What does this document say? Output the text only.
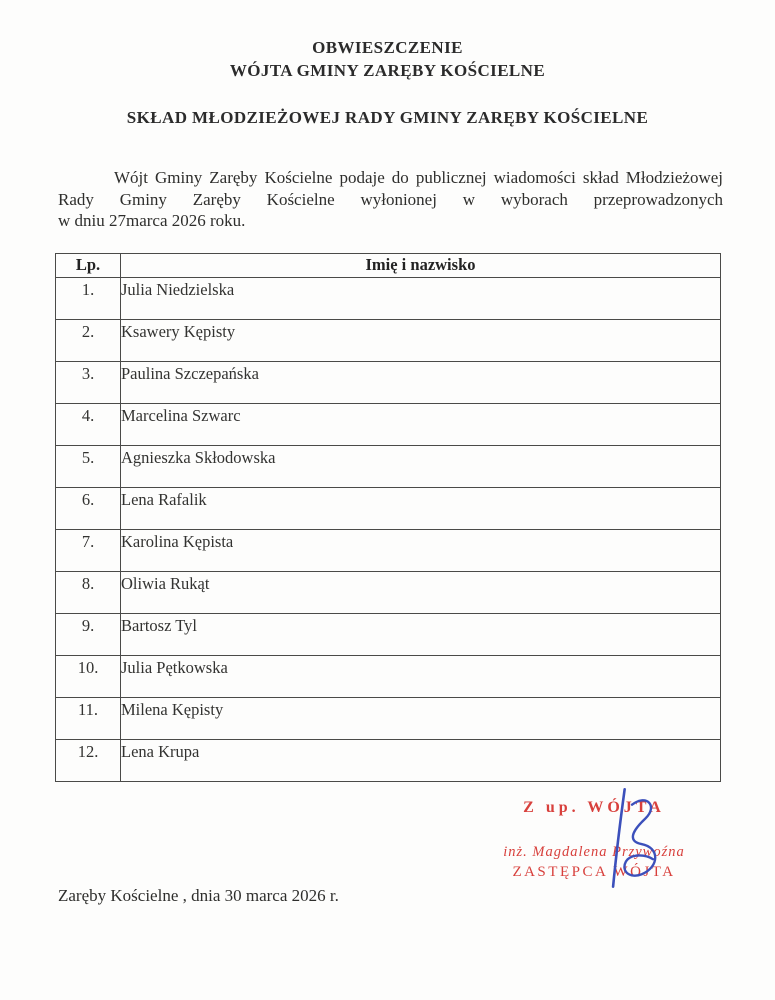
OBWIESZCZENIE
WÓJTA GMINY ZARĘBY KOŚCIELNE
SKŁAD MŁODZIEŻOWEJ RADY GMINY ZARĘBY KOŚCIELNE

Wójt Gminy Zaręby Kościelne podaje do publicznej wiadomości skład Młodzieżowej
Rady Gminy Zaręby Kościelne wyłonionej w wyborach przeprowadzonych
w dniu 27marca 2026 roku.

Lp.	Imię i nazwisko
1.	Julia Niedzielska
2.	Ksawery Kępisty
3.	Paulina Szczepańska
4.	Marcelina Szwarc
5.	Agnieszka Skłodowska
6.	Lena Rafalik
7.	Karolina Kępista
8.	Oliwia Rukąt
9.	Bartosz Tyl
10.	Julia Pętkowska
11.	Milena Kępisty
12.	Lena Krupa
Z up. WÓJTA
inż. Magdalena Przywoźna
ZASTĘPCA WÓJTA
Zaręby Kościelne , dnia 30 marca 2026 r.
